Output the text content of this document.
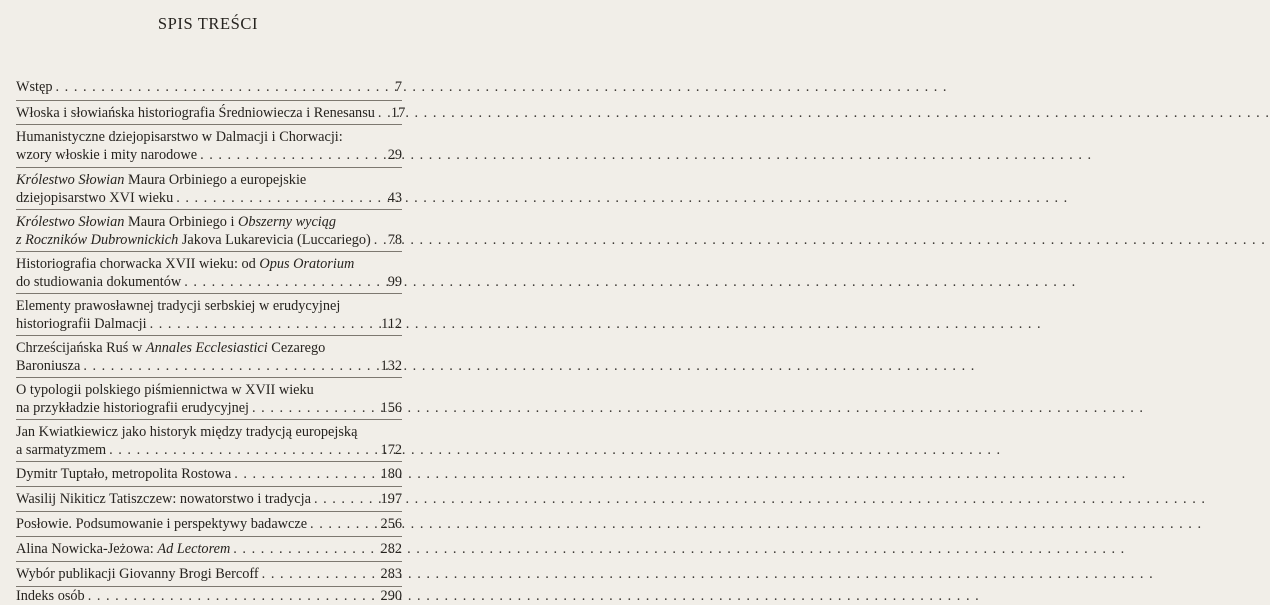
SPIS TREŚCI
Wstęp . . .	7
Włoska i słowiańska historiografia Średniowiecza i Renesansu . . . 17
Humanistyczne dziejopisarstwo w Dalmacji i Chorwacji:
wzory włoskie i mity narodowe . . .	29
Królestwo Słowian Maura Orbiniego a europejskie
dziejopisarstwo XVI wieku . . .	43
Królestwo Słowian Maura Orbiniego i Obszerny wyciąg
z Roczników Dubrownickich Jakova Lukarevicia (Luccariego) . . . 78
Historiografia chorwacka XVII wieku: od Opus Oratorium
do studiowania dokumentów . . .	99
Elementy prawosławnej tradycji serbskiej w erudycyjnej
historiografii Dalmacji . . .	112
Chrześcijańska Ruś w Annales Ecclesiastici Cezarego
Baroniusza . . .	132
O typologii polskiego piśmiennictwa w XVII wieku
na przykładzie historiografii erudycyjnej . . .	156
Jan Kwiatkiewicz jako historyk między tradycją europejską
a sarmatyzmem . . .	172
Dymitr Tuptało, metropolita Rostowa . . .	180
Wasilij Nikiticz Tatiszczew: nowatorstwo i tradycja . . .	197
Posłowie. Podsumowanie i perspektywy badawcze . . .	256
Alina Nowicka-Jeżowa: Ad Lectorem . . .	282
Wybór publikacji Giovanny Brogi Bercoff . . .	283
Indeks osób . . .	290
